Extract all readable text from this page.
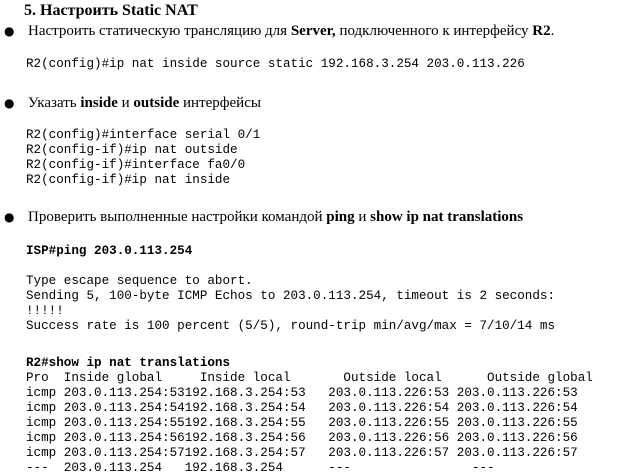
5. Настроить Static NAT
● Настроить статическую трансляцию для Server, подключенного к интерфейсу R2.
R2(config)#ip nat inside source static 192.168.3.254 203.0.113.226
● Указать inside и outside интерфейсы
R2(config)#interface serial 0/1
R2(config-if)#ip nat outside
R2(config-if)#interface fa0/0
R2(config-if)#ip nat inside
● Проверить выполненные настройки командой ping и show ip nat translations
ISP#ping 203.0.113.254

Type escape sequence to abort.
Sending 5, 100-byte ICMP Echos to 203.0.113.254, timeout is 2 seconds:
!!!!!
Success rate is 100 percent (5/5), round-trip min/avg/max = 7/10/14 ms
R2#show ip nat translations
Pro  Inside global     Inside local       Outside local      Outside global
icmp 203.0.113.254:53192.168.3.254:53   203.0.113.226:53 203.0.113.226:53
icmp 203.0.113.254:54192.168.3.254:54   203.0.113.226:54 203.0.113.226:54
icmp 203.0.113.254:55192.168.3.254:55   203.0.113.226:55 203.0.113.226:55
icmp 203.0.113.254:56192.168.3.254:56   203.0.113.226:56 203.0.113.226:56
icmp 203.0.113.254:57192.168.3.254:57   203.0.113.226:57 203.0.113.226:57
---  203.0.113.254   192.168.3.254      ---                ---
